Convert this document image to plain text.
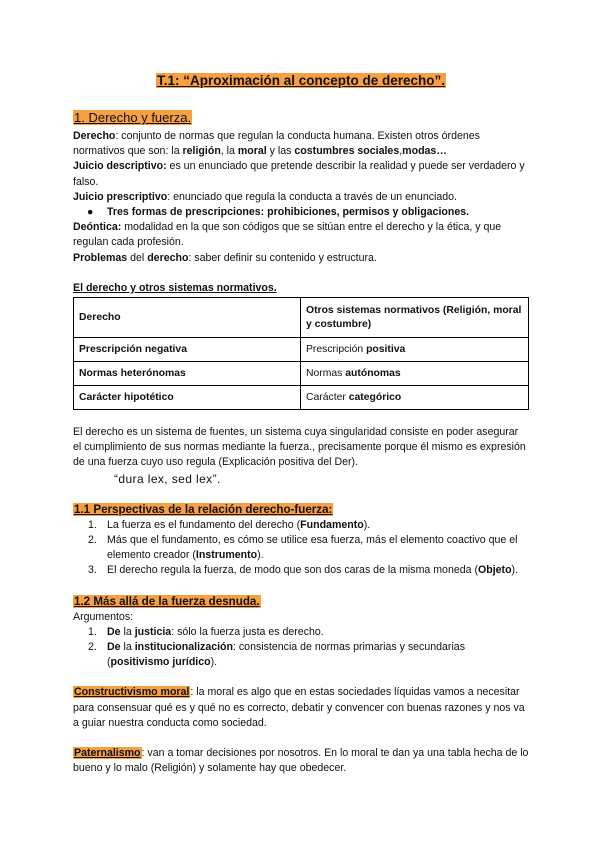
T.1: “Aproximación al concepto de derecho”.
1. Derecho y fuerza.

Derecho: conjunto de normas que regulan la conducta humana. Existen otros órdenes normativos que son: la religión, la moral y las costumbres sociales,modas…

Juicio descriptivo: es un enunciado que pretende describir la realidad y puede ser verdadero y falso.

Juicio prescriptivo: enunciado que regula la conducta a través de un enunciado.

●	Tres formas de prescripciones: prohibiciones, permisos y obligaciones.

Deóntica: modalidad en la que son códigos que se sitúan entre el derecho y la ética, y que regulan cada profesión.

Problemas del derecho: saber definir su contenido y estructura.

El derecho y otros sistemas normativos.
Derecho	Otros sistemas normativos (Religión, moral y costumbre)
Prescripción negativa	Prescripción positiva
Normas heterónomas	Normas autónomas
Carácter hipotético	Carácter categórico

El derecho es un sistema de fuentes, un sistema cuya singularidad consiste en poder asegurar el cumplimiento de sus normas mediante la fuerza., precisamente porque él mismo es expresión de una fuerza cuyo uso regula (Explicación positiva del Der).

“dura lex, sed lex”.
1.1 Perspectivas de la relación derecho-fuerza:
1. La fuerza es el fundamento del derecho (Fundamento).
2. Más que el fundamento, es cómo se utilice esa fuerza, más el elemento coactivo que el elemento creador (Instrumento).
3. El derecho regula la fuerza, de modo que son dos caras de la misma moneda (Objeto).
1.2 Más allá de la fuerza desnuda.

Argumentos:

1. De la justicia: sólo la fuerza justa es derecho.
2. De la institucionalización: consistencia de normas primarias y secundarias (positivismo jurídico).

Constructivismo moral: la moral es algo que en estas sociedades líquidas vamos a necesitar para consensuar qué es y qué no es correcto, debatir y convencer con buenas razones y nos va a guiar nuestra conducta como sociedad.

Paternalismo: van a tomar decisiones por nosotros. En lo moral te dan ya una tabla hecha de lo bueno y lo malo (Religión) y solamente hay que obedecer.
